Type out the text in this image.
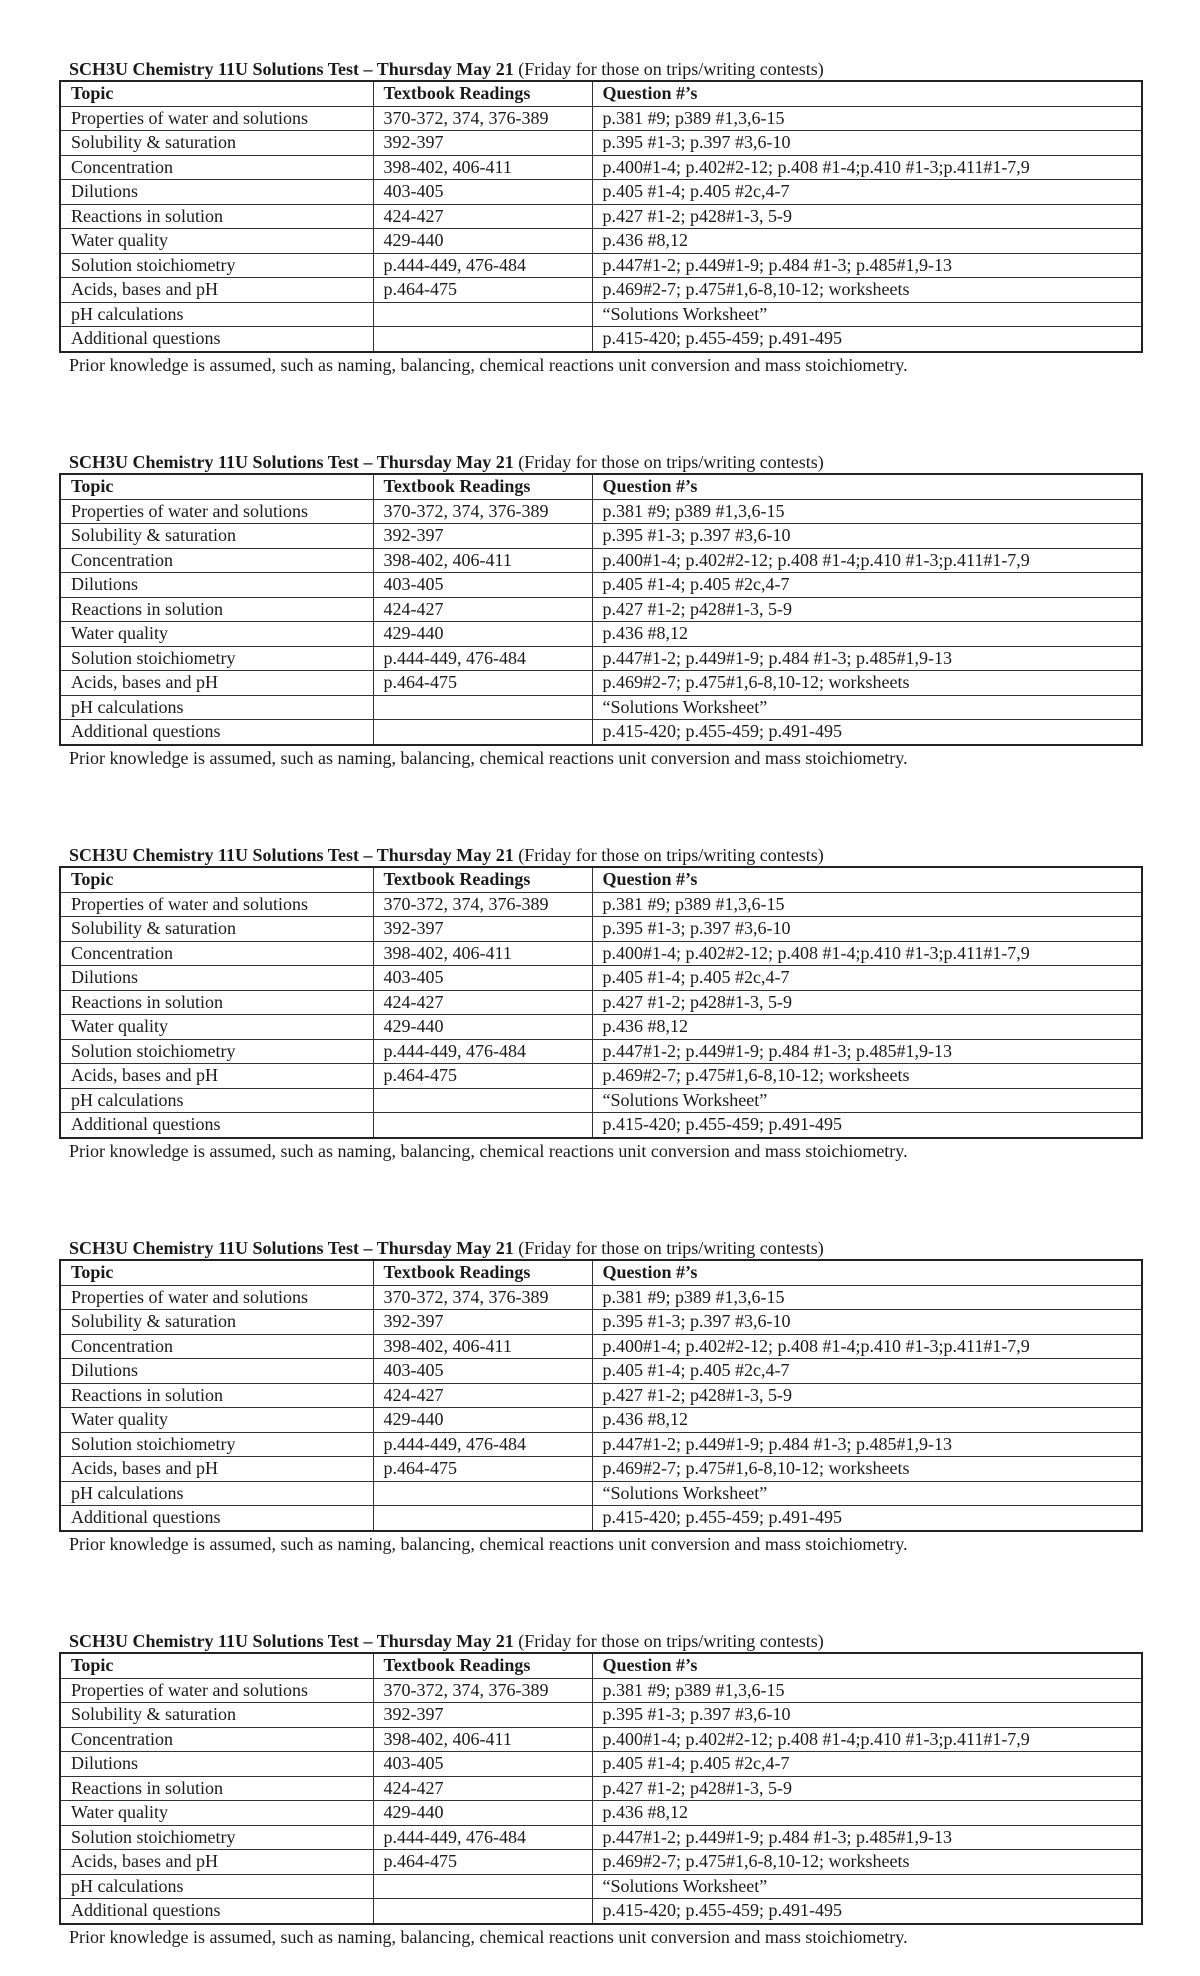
SCH3U Chemistry 11U Solutions Test – Thursday May 21 (Friday for those on trips/writing contests)
Topic	Textbook Readings	Question #’s
Properties of water and solutions	370-372, 374, 376-389	p.381 #9; p389 #1,3,6-15
Solubility & saturation	392-397	p.395 #1-3; p.397 #3,6-10
Concentration	398-402, 406-411	p.400#1-4; p.402#2-12; p.408 #1-4;p.410 #1-3;p.411#1-7,9
Dilutions	403-405	p.405 #1-4; p.405 #2c,4-7
Reactions in solution	424-427	p.427 #1-2; p428#1-3, 5-9
Water quality	429-440	p.436 #8,12
Solution stoichiometry	p.444-449, 476-484	p.447#1-2; p.449#1-9; p.484 #1-3; p.485#1,9-13
Acids, bases and pH	p.464-475	p.469#2-7; p.475#1,6-8,10-12; worksheets
pH calculations		“Solutions Worksheet”
Additional questions		p.415-420; p.455-459; p.491-495
Prior knowledge is assumed, such as naming, balancing, chemical reactions unit conversion and mass stoichiometry.
SCH3U Chemistry 11U Solutions Test – Thursday May 21 (Friday for those on trips/writing contests)
Topic	Textbook Readings	Question #’s
Properties of water and solutions	370-372, 374, 376-389	p.381 #9; p389 #1,3,6-15
Solubility & saturation	392-397	p.395 #1-3; p.397 #3,6-10
Concentration	398-402, 406-411	p.400#1-4; p.402#2-12; p.408 #1-4;p.410 #1-3;p.411#1-7,9
Dilutions	403-405	p.405 #1-4; p.405 #2c,4-7
Reactions in solution	424-427	p.427 #1-2; p428#1-3, 5-9
Water quality	429-440	p.436 #8,12
Solution stoichiometry	p.444-449, 476-484	p.447#1-2; p.449#1-9; p.484 #1-3; p.485#1,9-13
Acids, bases and pH	p.464-475	p.469#2-7; p.475#1,6-8,10-12; worksheets
pH calculations		“Solutions Worksheet”
Additional questions		p.415-420; p.455-459; p.491-495
Prior knowledge is assumed, such as naming, balancing, chemical reactions unit conversion and mass stoichiometry.
SCH3U Chemistry 11U Solutions Test – Thursday May 21 (Friday for those on trips/writing contests)
Topic	Textbook Readings	Question #’s
Properties of water and solutions	370-372, 374, 376-389	p.381 #9; p389 #1,3,6-15
Solubility & saturation	392-397	p.395 #1-3; p.397 #3,6-10
Concentration	398-402, 406-411	p.400#1-4; p.402#2-12; p.408 #1-4;p.410 #1-3;p.411#1-7,9
Dilutions	403-405	p.405 #1-4; p.405 #2c,4-7
Reactions in solution	424-427	p.427 #1-2; p428#1-3, 5-9
Water quality	429-440	p.436 #8,12
Solution stoichiometry	p.444-449, 476-484	p.447#1-2; p.449#1-9; p.484 #1-3; p.485#1,9-13
Acids, bases and pH	p.464-475	p.469#2-7; p.475#1,6-8,10-12; worksheets
pH calculations		“Solutions Worksheet”
Additional questions		p.415-420; p.455-459; p.491-495
Prior knowledge is assumed, such as naming, balancing, chemical reactions unit conversion and mass stoichiometry.
SCH3U Chemistry 11U Solutions Test – Thursday May 21 (Friday for those on trips/writing contests)
Topic	Textbook Readings	Question #’s
Properties of water and solutions	370-372, 374, 376-389	p.381 #9; p389 #1,3,6-15
Solubility & saturation	392-397	p.395 #1-3; p.397 #3,6-10
Concentration	398-402, 406-411	p.400#1-4; p.402#2-12; p.408 #1-4;p.410 #1-3;p.411#1-7,9
Dilutions	403-405	p.405 #1-4; p.405 #2c,4-7
Reactions in solution	424-427	p.427 #1-2; p428#1-3, 5-9
Water quality	429-440	p.436 #8,12
Solution stoichiometry	p.444-449, 476-484	p.447#1-2; p.449#1-9; p.484 #1-3; p.485#1,9-13
Acids, bases and pH	p.464-475	p.469#2-7; p.475#1,6-8,10-12; worksheets
pH calculations		“Solutions Worksheet”
Additional questions		p.415-420; p.455-459; p.491-495
Prior knowledge is assumed, such as naming, balancing, chemical reactions unit conversion and mass stoichiometry.
SCH3U Chemistry 11U Solutions Test – Thursday May 21 (Friday for those on trips/writing contests)
Topic	Textbook Readings	Question #’s
Properties of water and solutions	370-372, 374, 376-389	p.381 #9; p389 #1,3,6-15
Solubility & saturation	392-397	p.395 #1-3; p.397 #3,6-10
Concentration	398-402, 406-411	p.400#1-4; p.402#2-12; p.408 #1-4;p.410 #1-3;p.411#1-7,9
Dilutions	403-405	p.405 #1-4; p.405 #2c,4-7
Reactions in solution	424-427	p.427 #1-2; p428#1-3, 5-9
Water quality	429-440	p.436 #8,12
Solution stoichiometry	p.444-449, 476-484	p.447#1-2; p.449#1-9; p.484 #1-3; p.485#1,9-13
Acids, bases and pH	p.464-475	p.469#2-7; p.475#1,6-8,10-12; worksheets
pH calculations		“Solutions Worksheet”
Additional questions		p.415-420; p.455-459; p.491-495
Prior knowledge is assumed, such as naming, balancing, chemical reactions unit conversion and mass stoichiometry.
